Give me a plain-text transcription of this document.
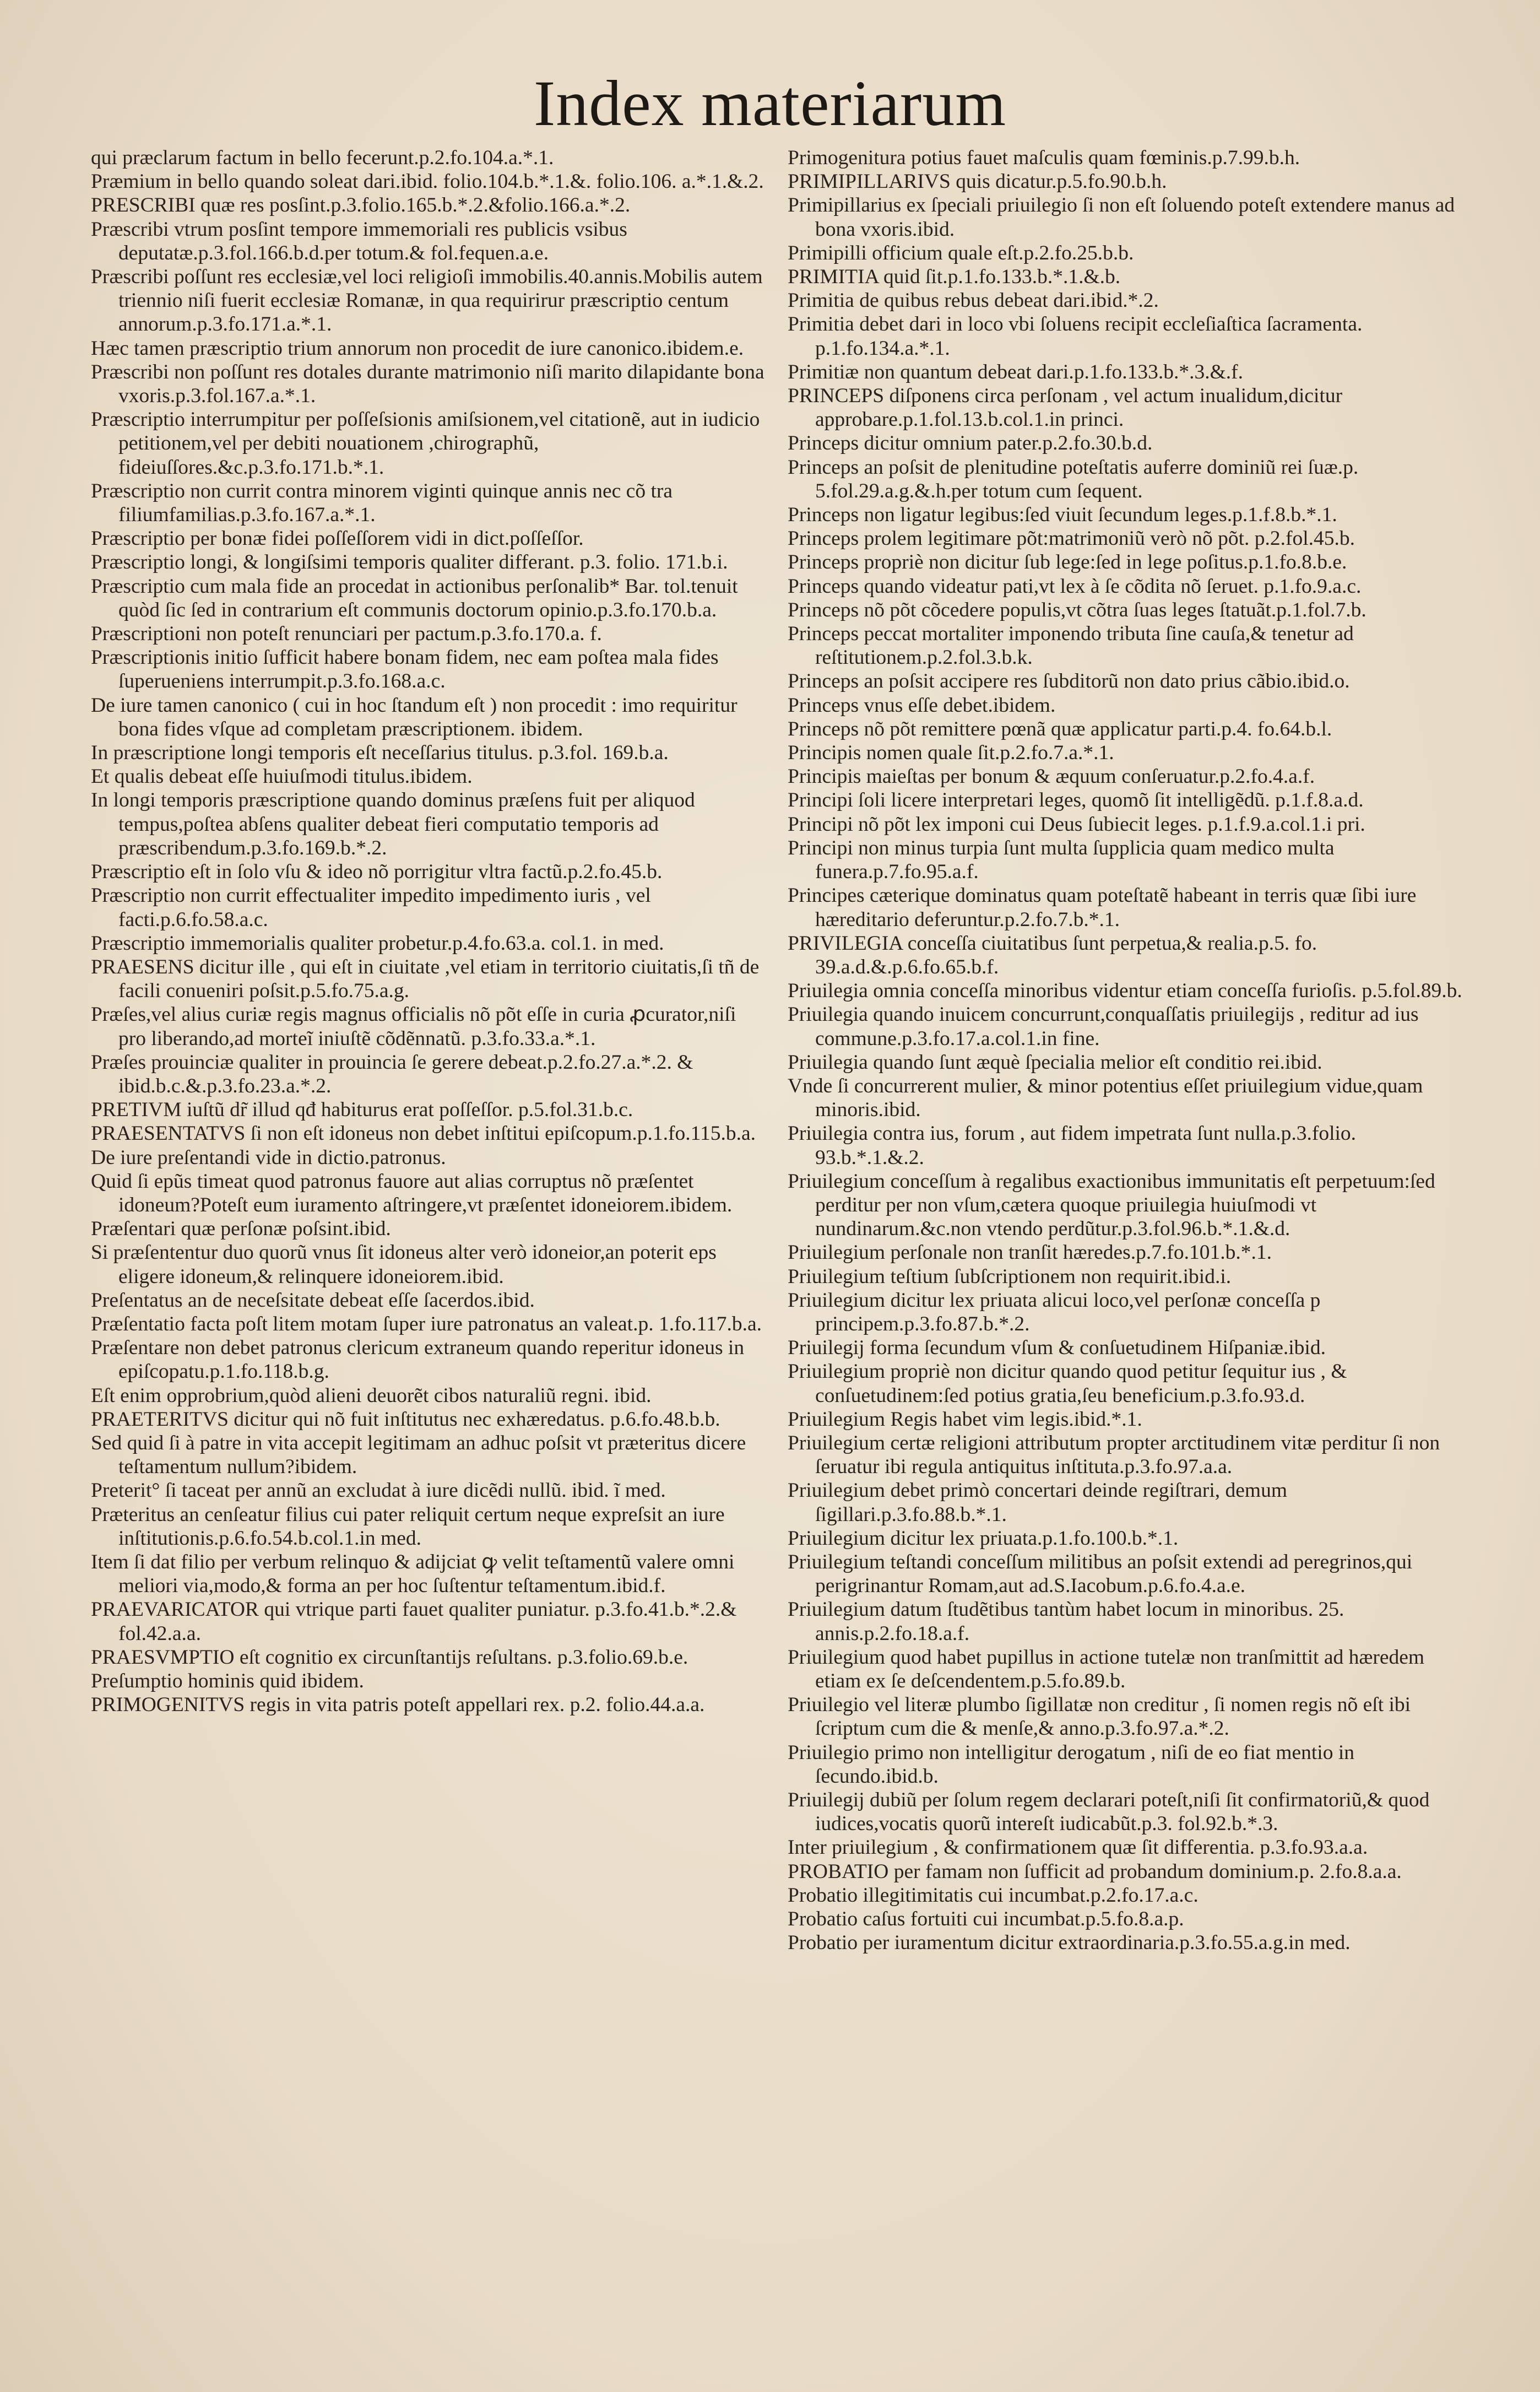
Index materiarum

qui præclarum factum in bello fecerunt.p.2.fo.104.a.*.1.

Præmium in bello quando soleat dari.ibid. folio.104.b.*.1.&. folio.106. a.*.1.&.2.

PRESCRIBI quæ res posſint.p.3.folio.165.b.*.2.&folio.166.a.*.2.

Præscribi vtrum posſint tempore immemoriali res publicis vsibus deputatæ.p.3.fol.166.b.d.per totum.& fol.fequen.a.e.

Præscribi poſſunt res ecclesiæ,vel loci religioſi immobilis.40.annis.Mobilis autem triennio niſi fuerit ecclesiæ Romanæ, in qua requirirur præscriptio centum annorum.p.3.fo.171.a.*.1.

Hæc tamen præscriptio trium annorum non procedit de iure canonico.ibidem.e.

Præscribi non poſſunt res dotales durante matrimonio niſi marito dilapidante bona vxoris.p.3.fol.167.a.*.1.

Præscriptio interrumpitur per poſſeſsionis amiſsionem,vel citationẽ, aut in iudicio petitionem,vel per debiti nouationem ,chirographũ, fideiuſſores.&c.p.3.fo.171.b.*.1.

Præscriptio non currit contra minorem viginti quinque annis nec cõ tra filiumfamilias.p.3.fo.167.a.*.1.

Præscriptio per bonæ fidei poſſeſſorem vidi in dict.poſſeſſor.

Præscriptio longi, & longiſsimi temporis qualiter differant. p.3. folio. 171.b.i.

Præscriptio cum mala fide an procedat in actionibus perſonalib* Bar. tol.tenuit quòd ſic ſed in contrarium eſt communis doctorum opinio.p.3.fo.170.b.a.

Præscriptioni non poteſt renunciari per pactum.p.3.fo.170.a. f.

Præscriptionis initio ſufficit habere bonam fidem, nec eam poſtea mala fides ſuperueniens interrumpit.p.3.fo.168.a.c.

De iure tamen canonico ( cui in hoc ſtandum eſt ) non procedit : imo requiritur bona fides vſque ad completam præscriptionem. ibidem.

In præscriptione longi temporis eſt neceſſarius titulus. p.3.fol. 169.b.a.

Et qualis debeat eſſe huiuſmodi titulus.ibidem.

In longi temporis præscriptione quando dominus præſens fuit per aliquod tempus,poſtea abſens qualiter debeat fieri computatio temporis ad præscribendum.p.3.fo.169.b.*.2.

Præscriptio eſt in ſolo vſu & ideo nõ porrigitur vltra factũ.p.2.fo.45.b.

Præscriptio non currit effectualiter impedito impedimento iuris , vel facti.p.6.fo.58.a.c.

Præscriptio immemorialis qualiter probetur.p.4.fo.63.a. col.1. in med.

PRAESENS dicitur ille , qui eſt in ciuitate ,vel etiam in territorio ciuitatis,ſi tñ de facili conueniri poſsit.p.5.fo.75.a.g.

Præſes,vel alius curiæ regis magnus officialis nõ põt eſſe in curia ꝓcurator,niſi pro liberando,ad morteĩ iniuſtẽ cõdẽnnatũ. p.3.fo.33.a.*.1.

Præſes prouinciæ qualiter in prouincia ſe gerere debeat.p.2.fo.27.a.*.2. & ibid.b.c.&.p.3.fo.23.a.*.2.

PRETIVM iuſtũ dr̃ illud qđ habiturus erat poſſeſſor. p.5.fol.31.b.c.

PRAESENTATVS ſi non eſt idoneus non debet inſtitui epiſcopum.p.1.fo.115.b.a.

De iure preſentandi vide in dictio.patronus.

Quid ſi epũs timeat quod patronus fauore aut alias corruptus nõ præſentet idoneum?Poteſt eum iuramento aſtringere,vt præſentet idoneiorem.ibidem.

Præſentari quæ perſonæ poſsint.ibid.

Si præſententur duo quorũ vnus ſit idoneus alter verò idoneior,an poterit eps eligere idoneum,& relinquere idoneiorem.ibid.

Preſentatus an de neceſsitate debeat eſſe ſacerdos.ibid.

Præſentatio facta poſt litem motam ſuper iure patronatus an valeat.p. 1.fo.117.b.a.

Præſentare non debet patronus clericum extraneum quando reperitur idoneus in epiſcopatu.p.1.fo.118.b.g.

Eſt enim opprobrium,quòd alieni deuorẽt cibos naturaliũ regni. ibid.

PRAETERITVS dicitur qui nõ fuit inſtitutus nec exhæredatus. p.6.fo.48.b.b.

Sed quid ſi à patre in vita accepit legitimam an adhuc poſsit vt præteritus dicere teſtamentum nullum?ibidem.

Preterit° ſi taceat per annũ an excludat à iure dicẽdi nullũ. ibid. ĩ med.

Præteritus an cenſeatur filius cui pater reliquit certum neque expreſsit an iure inſtitutionis.p.6.fo.54.b.col.1.in med.

Item ſi dat filio per verbum relinquo & adijciat ꝙ velit teſtamentũ valere omni meliori via,modo,& forma an per hoc ſuſtentur teſtamentum.ibid.f.

PRAEVARICATOR qui vtrique parti fauet qualiter puniatur. p.3.fo.41.b.*.2.& fol.42.a.a.

PRAESVMPTIO eſt cognitio ex circunſtantijs reſultans. p.3.folio.69.b.e.

Preſumptio hominis quid ibidem.

PRIMOGENITVS regis in vita patris poteſt appellari rex. p.2. folio.44.a.a.

Primogenitura potius fauet maſculis quam fœminis.p.7.99.b.h.

PRIMIPILLARIVS quis dicatur.p.5.fo.90.b.h.

Primipillarius ex ſpeciali priuilegio ſi non eſt ſoluendo poteſt extendere manus ad bona vxoris.ibid.

Primipilli officium quale eſt.p.2.fo.25.b.b.

PRIMITIA quid ſit.p.1.fo.133.b.*.1.&.b.

Primitia de quibus rebus debeat dari.ibid.*.2.

Primitia debet dari in loco vbi ſoluens recipit eccleſiaſtica ſacramenta. p.1.fo.134.a.*.1.

Primitiæ non quantum debeat dari.p.1.fo.133.b.*.3.&.f.

PRINCEPS diſponens circa perſonam , vel actum inualidum,dicitur approbare.p.1.fol.13.b.col.1.in princi.

Princeps dicitur omnium pater.p.2.fo.30.b.d.

Princeps an poſsit de plenitudine poteſtatis auferre dominiũ rei ſuæ.p. 5.fol.29.a.g.&.h.per totum cum ſequent.

Princeps non ligatur legibus:ſed viuit ſecundum leges.p.1.f.8.b.*.1.

Princeps prolem legitimare põt:matrimoniũ verò nõ põt. p.2.fol.45.b.

Princeps propriè non dicitur ſub lege:ſed in lege poſitus.p.1.fo.8.b.e.

Princeps quando videatur pati,vt lex à ſe cõdita nõ ſeruet. p.1.fo.9.a.c.

Princeps nõ põt cõcedere populis,vt cõtra ſuas leges ſtatuãt.p.1.fol.7.b.

Princeps peccat mortaliter imponendo tributa ſine cauſa,& tenetur ad reſtitutionem.p.2.fol.3.b.k.

Princeps an poſsit accipere res ſubditorũ non dato prius cãbio.ibid.o.

Princeps vnus eſſe debet.ibidem.

Princeps nõ põt remittere pœnã quæ applicatur parti.p.4. fo.64.b.l.

Principis nomen quale ſit.p.2.fo.7.a.*.1.

Principis maieſtas per bonum & æquum conſeruatur.p.2.fo.4.a.f.

Principi ſoli licere interpretari leges, quomõ ſit intelligẽdũ. p.1.f.8.a.d.

Principi nõ põt lex imponi cui Deus ſubiecit leges. p.1.f.9.a.col.1.i pri.

Principi non minus turpia ſunt multa ſupplicia quam medico multa funera.p.7.fo.95.a.f.

Principes cæterique dominatus quam poteſtatẽ habeant in terris quæ ſibi iure hæreditario deferuntur.p.2.fo.7.b.*.1.

PRIVILEGIA conceſſa ciuitatibus ſunt perpetua,& realia.p.5. fo. 39.a.d.&.p.6.fo.65.b.f.

Priuilegia omnia conceſſa minoribus videntur etiam conceſſa furioſis. p.5.fol.89.b.

Priuilegia quando inuicem concurrunt,conquaſſatis priuilegijs , reditur ad ius commune.p.3.fo.17.a.col.1.in fine.

Priuilegia quando ſunt æquè ſpecialia melior eſt conditio rei.ibid.

Vnde ſi concurrerent mulier, & minor potentius eſſet priuilegium vidue,quam minoris.ibid.

Priuilegia contra ius, forum , aut fidem impetrata ſunt nulla.p.3.folio. 93.b.*.1.&.2.

Priuilegium conceſſum à regalibus exactionibus immunitatis eſt perpetuum:ſed perditur per non vſum,cætera quoque priuilegia huiuſmodi vt nundinarum.&c.non vtendo perdũtur.p.3.fol.96.b.*.1.&.d.

Priuilegium perſonale non tranſit hæredes.p.7.fo.101.b.*.1.

Priuilegium teſtium ſubſcriptionem non requirit.ibid.i.

Priuilegium dicitur lex priuata alicui loco,vel perſonæ conceſſa p principem.p.3.fo.87.b.*.2.

Priuilegij forma ſecundum vſum & conſuetudinem Hiſpaniæ.ibid.

Priuilegium propriè non dicitur quando quod petitur ſequitur ius , & conſuetudinem:ſed potius gratia,ſeu beneficium.p.3.fo.93.d.

Priuilegium Regis habet vim legis.ibid.*.1.

Priuilegium certæ religioni attributum propter arctitudinem vitæ perditur ſi non ſeruatur ibi regula antiquitus inſtituta.p.3.fo.97.a.a.

Priuilegium debet primò concertari deinde regiſtrari, demum ſigillari.p.3.fo.88.b.*.1.

Priuilegium dicitur lex priuata.p.1.fo.100.b.*.1.

Priuilegium teſtandi conceſſum militibus an poſsit extendi ad peregrinos,qui perigrinantur Romam,aut ad.S.Iacobum.p.6.fo.4.a.e.

Priuilegium datum ſtudẽtibus tantùm habet locum in minoribus. 25. annis.p.2.fo.18.a.f.

Priuilegium quod habet pupillus in actione tutelæ non tranſmittit ad hæredem etiam ex ſe deſcendentem.p.5.fo.89.b.

Priuilegio vel literæ plumbo ſigillatæ non creditur , ſi nomen regis nõ eſt ibi ſcriptum cum die & menſe,& anno.p.3.fo.97.a.*.2.

Priuilegio primo non intelligitur derogatum , niſi de eo fiat mentio in ſecundo.ibid.b.

Priuilegij dubiũ per ſolum regem declarari poteſt,niſi ſit confirmatoriũ,& quod iudices,vocatis quorũ intereſt iudicabũt.p.3. fol.92.b.*.3.

Inter priuilegium , & confirmationem quæ ſit differentia. p.3.fo.93.a.a.

PROBATIO per famam non ſufficit ad probandum dominium.p. 2.fo.8.a.a.

Probatio illegitimitatis cui incumbat.p.2.fo.17.a.c.

Probatio caſus fortuiti cui incumbat.p.5.fo.8.a.p.

Probatio per iuramentum dicitur extraordinaria.p.3.fo.55.a.g.in med.
